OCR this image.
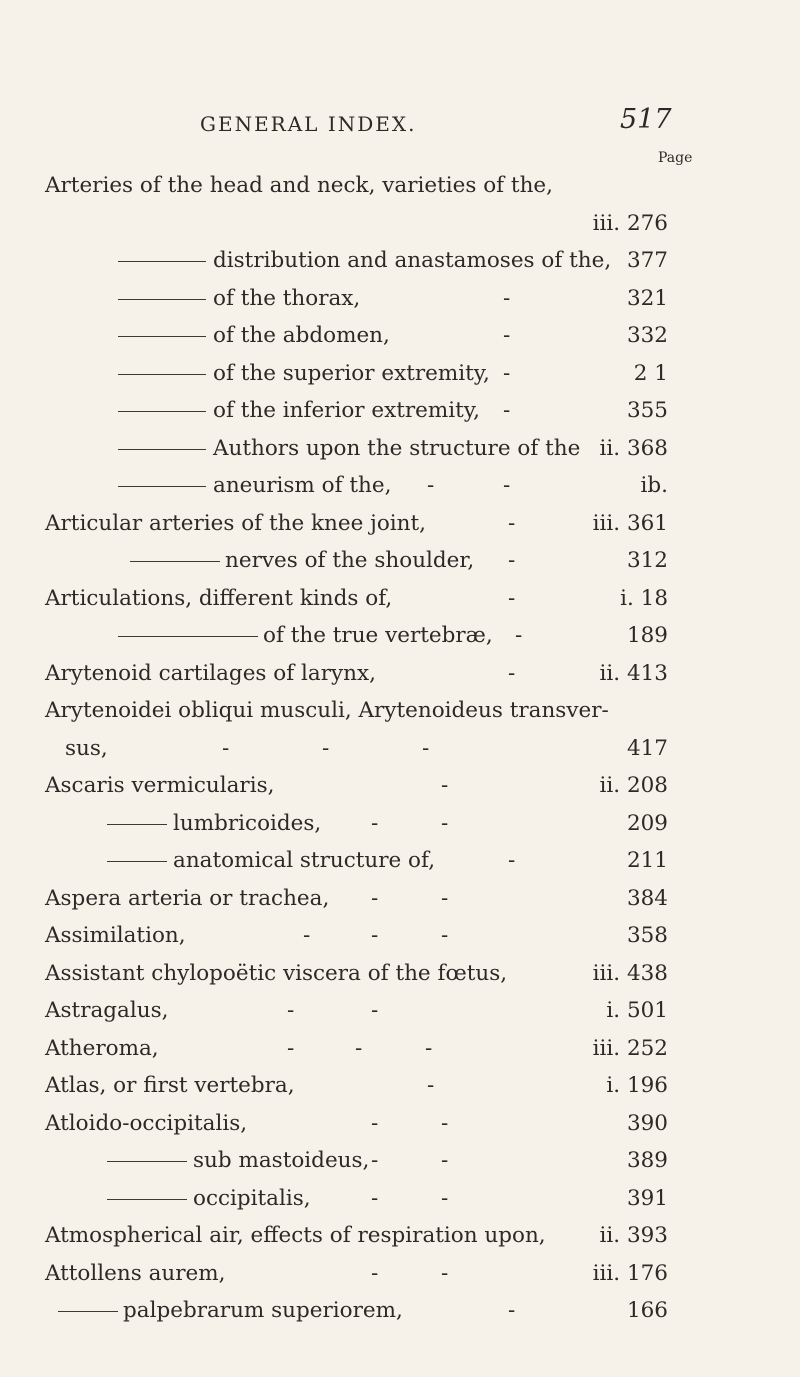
GENERAL INDEX.	517
Page
Arteries of the head and neck, varieties of the,
iii. 276
distribution and anastamoses of the, 377
of the thorax,	-	321
of the abdomen,	-	332
of the superior extremity, -	2 1
of the inferior extremity, -	355
Authors upon the structure of the ii. 368
aneurism of the, -	-	ib.
Articular arteries of the knee joint,	-	iii. 361
nerves of the shoulder, -	312
Articulations, different kinds of,	-	i. 18
of the true vertebræ, -	189
Arytenoid cartilages of larynx,	-	ii. 413
Arytenoidei obliqui musculi, Arytenoideus transver-
sus,	-	-	-	417
Ascaris vermicularis,	-	ii. 208
lumbricoides, -	-	209
anatomical structure of,	-	211
Aspera arteria or trachea, -	-	384
Assimilation,	-	-	-	358
Assistant chylopoëtic viscera of the fœtus,	iii. 438
Astragalus,	-	-	i. 501
Atheroma,	-	-	-	iii. 252
Atlas, or first vertebra,	-	i. 196
Atloido-occipitalis,	-	-	390
sub mastoideus, -	-	389
occipitalis,	-	-	391
Atmospherical air, effects of respiration upon,	ii. 393
Attollens aurem,	-	-	iii. 176
palpebrarum superiorem,	-	166
